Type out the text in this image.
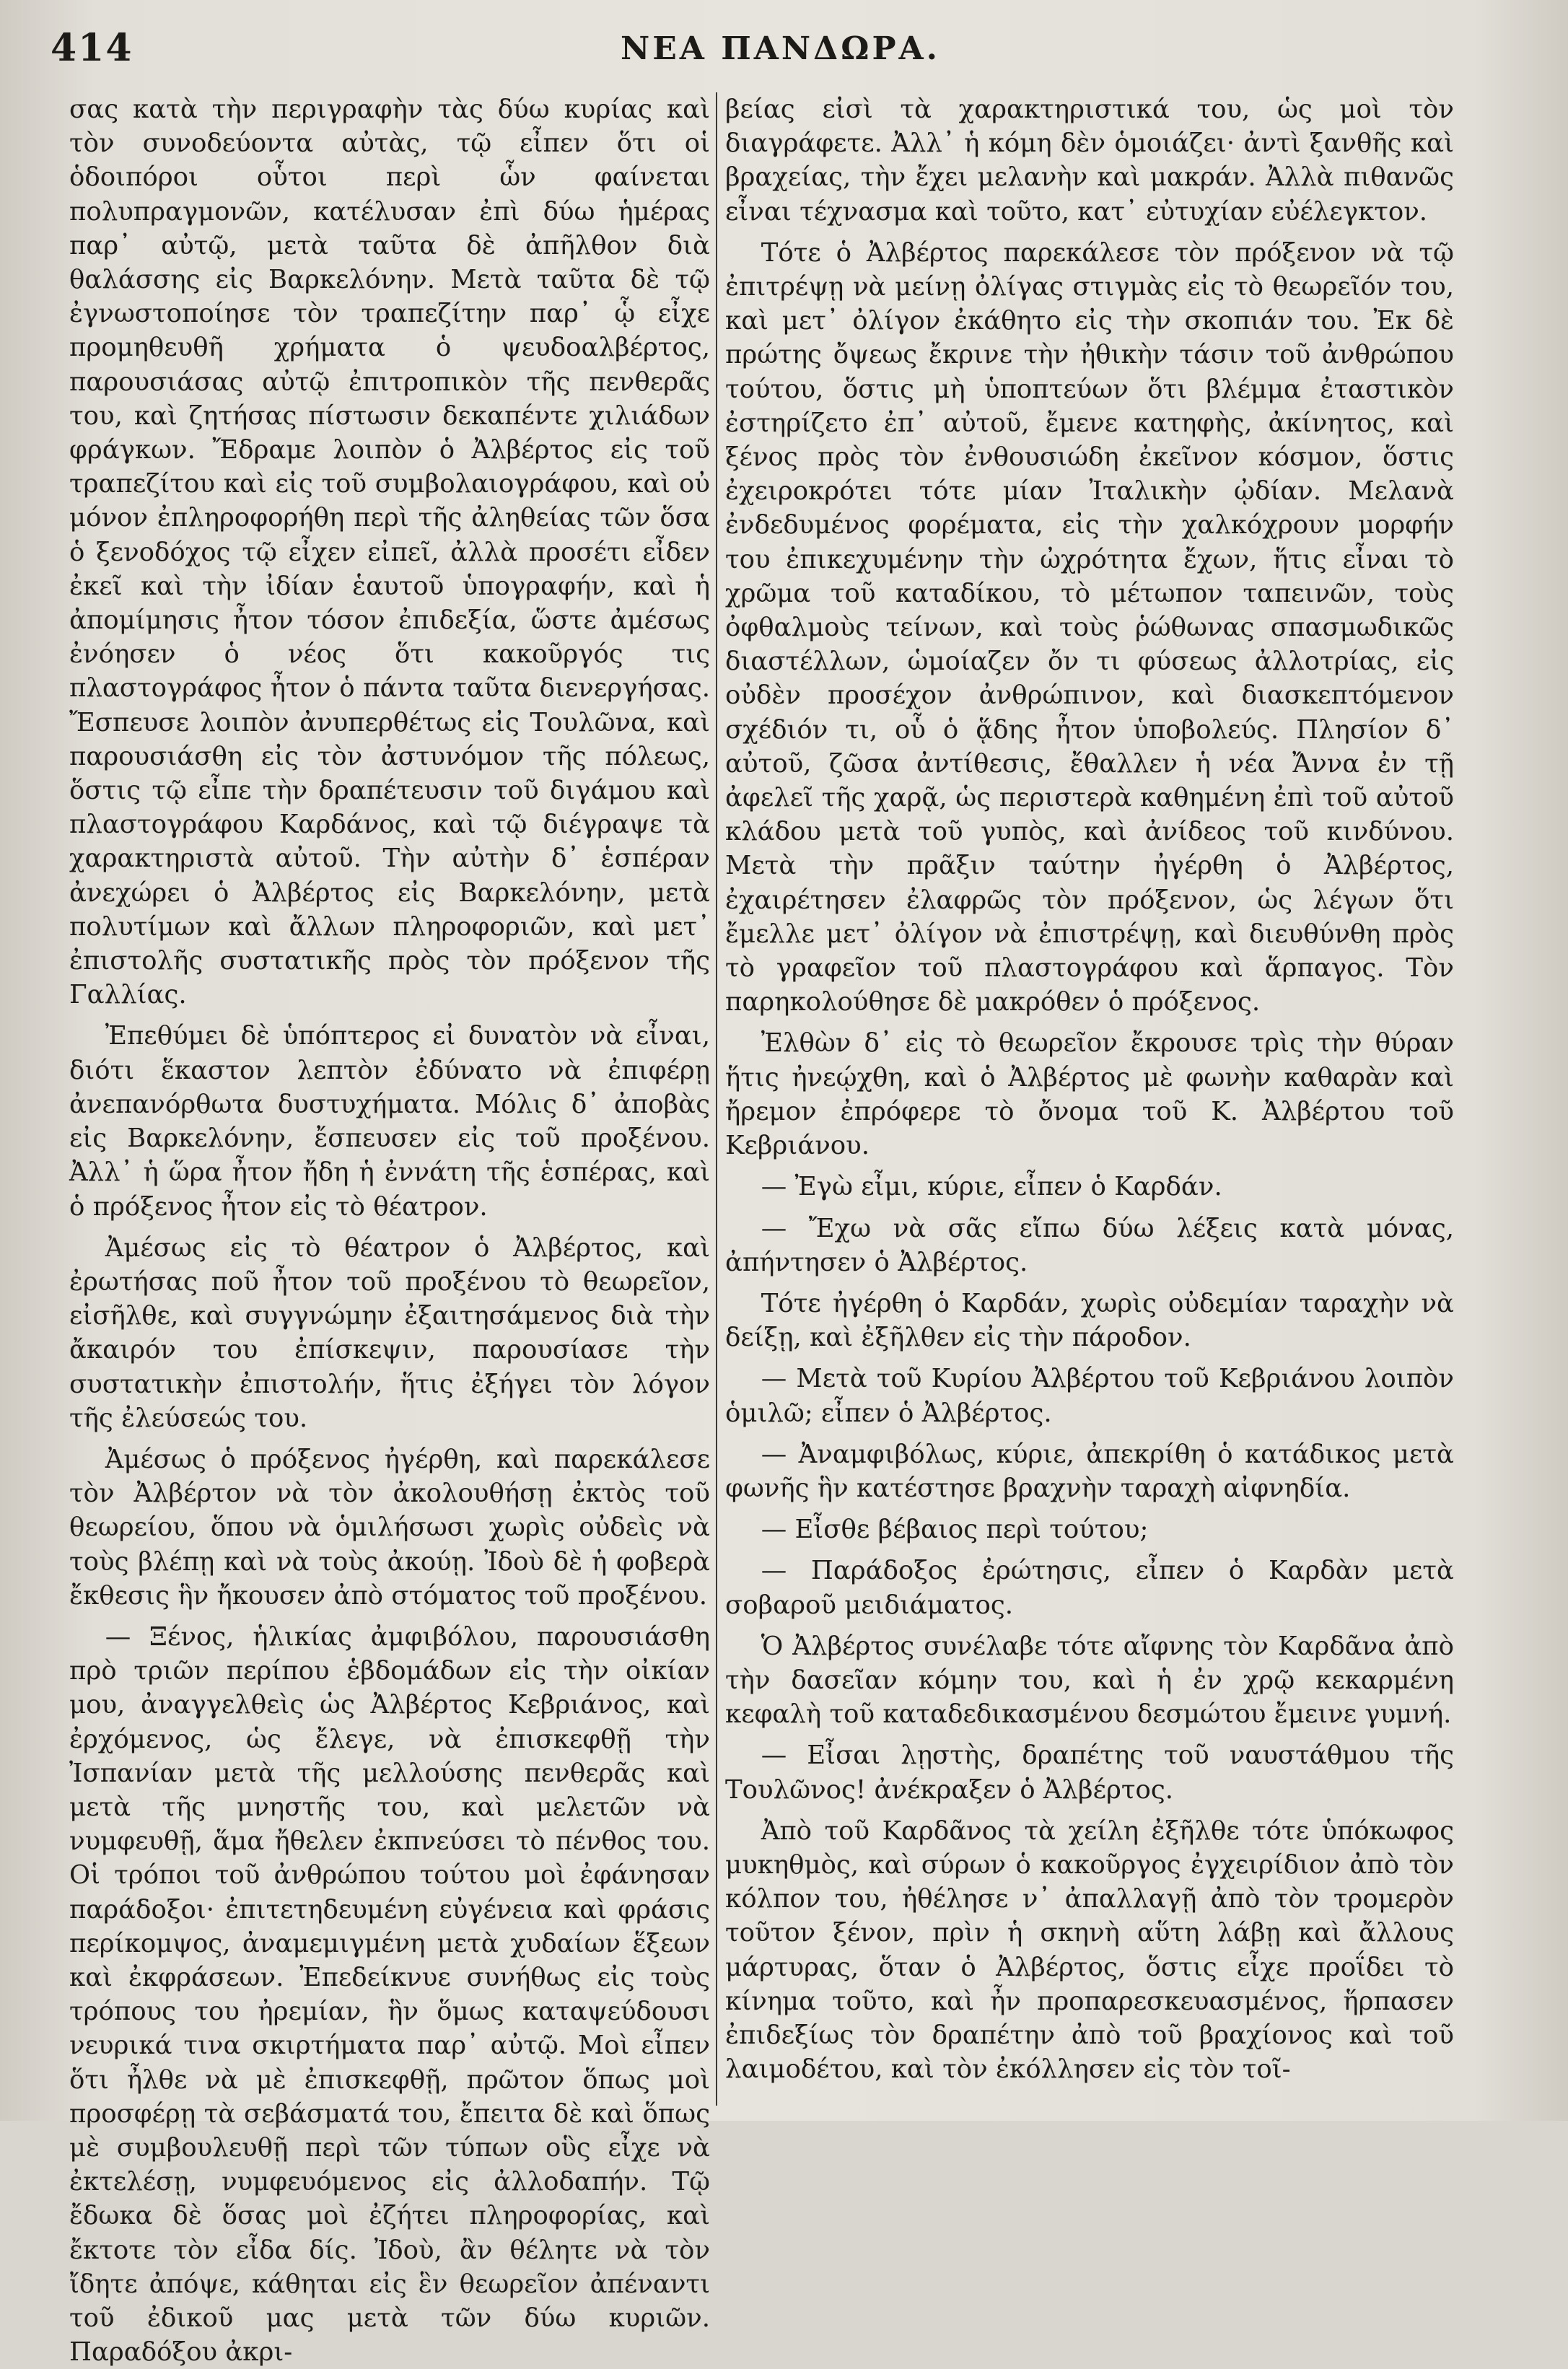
414	ΝΕΑ ΠΑΝΔΩΡΑ.

σας κατὰ τὴν περιγραφὴν τὰς δύω κυρίας καὶ τὸν συνοδεύοντα αὐτὰς, τῷ εἶπεν ὅτι οἱ ὁδοιπόροι οὗτοι περὶ ὧν φαίνεται πολυπραγμονῶν, κατέλυσαν ἐπὶ δύω ἡμέρας παρ᾽ αὐτῷ, μετὰ ταῦτα δὲ ἀπῆλθον διὰ θαλάσσης εἰς Βαρκελόνην. Μετὰ ταῦτα δὲ τῷ ἐγνωστοποίησε τὸν τραπεζίτην παρ᾽ ᾧ εἶχε προμηθευθῆ χρήματα ὁ ψευδοαλβέρτος, παρουσιάσας αὐτῷ ἐπιτροπικὸν τῆς πενθερᾶς του, καὶ ζητήσας πίστωσιν δεκαπέντε χιλιάδων φράγκων. Ἔδραμε λοιπὸν ὁ Ἀλβέρτος εἰς τοῦ τραπεζίτου καὶ εἰς τοῦ συμβολαιογράφου, καὶ οὐ μόνον ἐπληροφορήθη περὶ τῆς ἀληθείας τῶν ὅσα ὁ ξενοδόχος τῷ εἶχεν εἰπεῖ, ἀλλὰ προσέτι εἶδεν ἐκεῖ καὶ τὴν ἰδίαν ἑαυτοῦ ὑπογραφήν, καὶ ἡ ἀπομίμησις ἦτον τόσον ἐπιδεξία, ὥστε ἀμέσως ἐνόησεν ὁ νέος ὅτι κακοῦργός τις πλαστογράφος ἦτον ὁ πάντα ταῦτα διενεργήσας. Ἔσπευσε λοιπὸν ἀνυπερθέτως εἰς Τουλῶνα, καὶ παρουσιάσθη εἰς τὸν ἀστυνόμον τῆς πόλεως, ὅστις τῷ εἶπε τὴν δραπέτευσιν τοῦ διγάμου καὶ πλαστογράφου Καρδάνος, καὶ τῷ διέγραψε τὰ χαρακτηριστὰ αὐτοῦ. Τὴν αὐτὴν δ᾽ ἑσπέραν ἀνεχώρει ὁ Ἀλβέρτος εἰς Βαρκελόνην, μετὰ πολυτίμων καὶ ἄλλων πληροφοριῶν, καὶ μετ᾽ ἐπιστολῆς συστατικῆς πρὸς τὸν πρόξενον τῆς Γαλλίας.

Ἐπεθύμει δὲ ὑπόπτερος εἰ δυνατὸν νὰ εἶναι, διότι ἕκαστον λεπτὸν ἐδύνατο νὰ ἐπιφέρῃ ἀνεπανόρθωτα δυστυχήματα. Μόλις δ᾽ ἀποβὰς εἰς Βαρκελόνην, ἔσπευσεν εἰς τοῦ προξένου. Ἀλλ᾽ ἡ ὥρα ἦτον ἤδη ἡ ἐννάτη τῆς ἑσπέρας, καὶ ὁ πρόξενος ἦτον εἰς τὸ θέατρον.

Ἀμέσως εἰς τὸ θέατρον ὁ Ἀλβέρτος, καὶ ἐρωτήσας ποῦ ἦτον τοῦ προξένου τὸ θεωρεῖον, εἰσῆλθε, καὶ συγγνώμην ἐξαιτησάμενος διὰ τὴν ἄκαιρόν του ἐπίσκεψιν, παρουσίασε τὴν συστατικὴν ἐπιστολήν, ἥτις ἐξήγει τὸν λόγον τῆς ἐλεύσεώς του.

Ἀμέσως ὁ πρόξενος ἠγέρθη, καὶ παρεκάλεσε τὸν Ἀλβέρτον νὰ τὸν ἀκολουθήσῃ ἐκτὸς τοῦ θεωρείου, ὅπου νὰ ὁμιλήσωσι χωρὶς οὐδεὶς νὰ τοὺς βλέπῃ καὶ νὰ τοὺς ἀκούῃ. Ἰδοὺ δὲ ἡ φοβερὰ ἔκθεσις ἣν ἤκουσεν ἀπὸ στόματος τοῦ προξένου.

— Ξένος, ἡλικίας ἀμφιβόλου, παρουσιάσθη πρὸ τριῶν περίπου ἑβδομάδων εἰς τὴν οἰκίαν μου, ἀναγγελθεὶς ὡς Ἀλβέρτος Κεβριάνος, καὶ ἐρχόμενος, ὡς ἔλεγε, νὰ ἐπισκεφθῇ τὴν Ἰσπανίαν μετὰ τῆς μελλούσης πενθερᾶς καὶ μετὰ τῆς μνηστῆς του, καὶ μελετῶν νὰ νυμφευθῇ, ἅμα ἤθελεν ἐκπνεύσει τὸ πένθος του. Οἱ τρόποι τοῦ ἀνθρώπου τούτου μοὶ ἐφάνησαν παράδοξοι· ἐπιτετηδευμένη εὐγένεια καὶ φράσις περίκομψος, ἀναμεμιγμένη μετὰ χυδαίων ἕξεων καὶ ἐκφράσεων. Ἐπεδείκνυε συνήθως εἰς τοὺς τρόπους του ἠρεμίαν, ἣν ὅμως καταψεύδουσι νευρικά τινα σκιρτήματα παρ᾽ αὐτῷ. Μοὶ εἶπεν ὅτι ἦλθε νὰ μὲ ἐπισκεφθῇ, πρῶτον ὅπως μοὶ προσφέρῃ τὰ σεβάσματά του, ἔπειτα δὲ καὶ ὅπως μὲ συμβουλευθῇ περὶ τῶν τύπων οὓς εἶχε νὰ ἐκτελέσῃ, νυμφευόμενος εἰς ἀλλοδαπήν. Τῷ ἔδωκα δὲ ὅσας μοὶ ἐζήτει πληροφορίας, καὶ ἔκτοτε τὸν εἶδα δίς. Ἰδοὺ, ἂν θέλητε νὰ τὸν ἴδητε ἀπόψε, κάθηται εἰς ἓν θεωρεῖον ἀπέναντι τοῦ ἐδικοῦ μας μετὰ τῶν δύω κυριῶν. Παραδόξου ἀκρι-

βείας εἰσὶ τὰ χαρακτηριστικά του, ὡς μοὶ τὸν διαγράφετε. Ἀλλ᾽ ἡ κόμη δὲν ὁμοιάζει· ἀντὶ ξανθῆς καὶ βραχείας, τὴν ἔχει μελανὴν καὶ μακράν. Ἀλλὰ πιθανῶς εἶναι τέχνασμα καὶ τοῦτο, κατ᾽ εὐτυχίαν εὐέλεγκτον.

Τότε ὁ Ἀλβέρτος παρεκάλεσε τὸν πρόξενον νὰ τῷ ἐπιτρέψῃ νὰ μείνῃ ὀλίγας στιγμὰς εἰς τὸ θεωρεῖόν του, καὶ μετ᾽ ὀλίγον ἐκάθητο εἰς τὴν σκοπιάν του. Ἐκ δὲ πρώτης ὄψεως ἔκρινε τὴν ἠθικὴν τάσιν τοῦ ἀνθρώπου τούτου, ὅστις μὴ ὑποπτεύων ὅτι βλέμμα ἐταστικὸν ἐστηρίζετο ἐπ᾽ αὐτοῦ, ἔμενε κατηφὴς, ἀκίνητος, καὶ ξένος πρὸς τὸν ἐνθουσιώδη ἐκεῖνον κόσμον, ὅστις ἐχειροκρότει τότε μίαν Ἰταλικὴν ᾠδίαν. Μελανὰ ἐνδεδυμένος φορέματα, εἰς τὴν χαλκόχρουν μορφήν του ἐπικεχυμένην τὴν ὠχρότητα ἔχων, ἥτις εἶναι τὸ χρῶμα τοῦ καταδίκου, τὸ μέτωπον ταπεινῶν, τοὺς ὀφθαλμοὺς τείνων, καὶ τοὺς ῥώθωνας σπασμωδικῶς διαστέλλων, ὡμοίαζεν ὄν τι φύσεως ἀλλοτρίας, εἰς οὐδὲν προσέχον ἀνθρώπινον, καὶ διασκεπτόμενον σχέδιόν τι, οὗ ὁ ᾅδης ἦτον ὑποβολεύς. Πλησίον δ᾽ αὐτοῦ, ζῶσα ἀντίθεσις, ἔθαλλεν ἡ νέα Ἄννα ἐν τῇ ἀφελεῖ τῆς χαρᾷ, ὡς περιστερὰ καθημένη ἐπὶ τοῦ αὐτοῦ κλάδου μετὰ τοῦ γυπὸς, καὶ ἀνίδεος τοῦ κινδύνου. Μετὰ τὴν πρᾶξιν ταύτην ἠγέρθη ὁ Ἀλβέρτος, ἐχαιρέτησεν ἐλαφρῶς τὸν πρόξενον, ὡς λέγων ὅτι ἔμελλε μετ᾽ ὀλίγον νὰ ἐπιστρέψῃ, καὶ διευθύνθη πρὸς τὸ γραφεῖον τοῦ πλαστογράφου καὶ ἅρπαγος. Τὸν παρηκολούθησε δὲ μακρόθεν ὁ πρόξενος.

Ἐλθὼν δ᾽ εἰς τὸ θεωρεῖον ἔκρουσε τρὶς τὴν θύραν ἥτις ἠνεῴχθη, καὶ ὁ Ἀλβέρτος μὲ φωνὴν καθαρὰν καὶ ἤρεμον ἐπρόφερε τὸ ὄνομα τοῦ Κ. Ἀλβέρτου τοῦ Κεβριάνου.

— Ἐγὼ εἶμι, κύριε, εἶπεν ὁ Καρδάν.

— Ἔχω νὰ σᾶς εἴπω δύω λέξεις κατὰ μόνας, ἀπήντησεν ὁ Ἀλβέρτος.

Τότε ἠγέρθη ὁ Καρδάν, χωρὶς οὐδεμίαν ταραχὴν νὰ δείξῃ, καὶ ἐξῆλθεν εἰς τὴν πάροδον.

— Μετὰ τοῦ Κυρίου Ἀλβέρτου τοῦ Κεβριάνου λοιπὸν ὁμιλῶ; εἶπεν ὁ Ἀλβέρτος.

— Ἀναμφιβόλως, κύριε, ἀπεκρίθη ὁ κατάδικος μετὰ φωνῆς ἣν κατέστησε βραχνὴν ταραχὴ αἰφνηδία.

— Εἶσθε βέβαιος περὶ τούτου;

— Παράδοξος ἐρώτησις, εἶπεν ὁ Καρδὰν μετὰ σοβαροῦ μειδιάματος.

Ὁ Ἀλβέρτος συνέλαβε τότε αἴφνης τὸν Καρδᾶνα ἀπὸ τὴν δασεῖαν κόμην του, καὶ ἡ ἐν χρῷ κεκαρμένη κεφαλὴ τοῦ καταδεδικασμένου δεσμώτου ἔμεινε γυμνή.

— Εἶσαι λῃστὴς, δραπέτης τοῦ ναυστάθμου τῆς Τουλῶνος! ἀνέκραξεν ὁ Ἀλβέρτος.

Ἀπὸ τοῦ Καρδᾶνος τὰ χείλη ἐξῆλθε τότε ὑπόκωφος μυκηθμὸς, καὶ σύρων ὁ κακοῦργος ἐγχειρίδιον ἀπὸ τὸν κόλπον του, ἠθέλησε ν᾽ ἀπαλλαγῇ ἀπὸ τὸν τρομερὸν τοῦτον ξένον, πρὶν ἡ σκηνὴ αὕτη λάβῃ καὶ ἄλλους μάρτυρας, ὅταν ὁ Ἀλβέρτος, ὅστις εἶχε προΐδει τὸ κίνημα τοῦτο, καὶ ἦν προπαρεσκευασμένος, ἥρπασεν ἐπιδεξίως τὸν δραπέτην ἀπὸ τοῦ βραχίονος καὶ τοῦ λαιμοδέτου, καὶ τὸν ἐκόλλησεν εἰς τὸν τοῖ-
